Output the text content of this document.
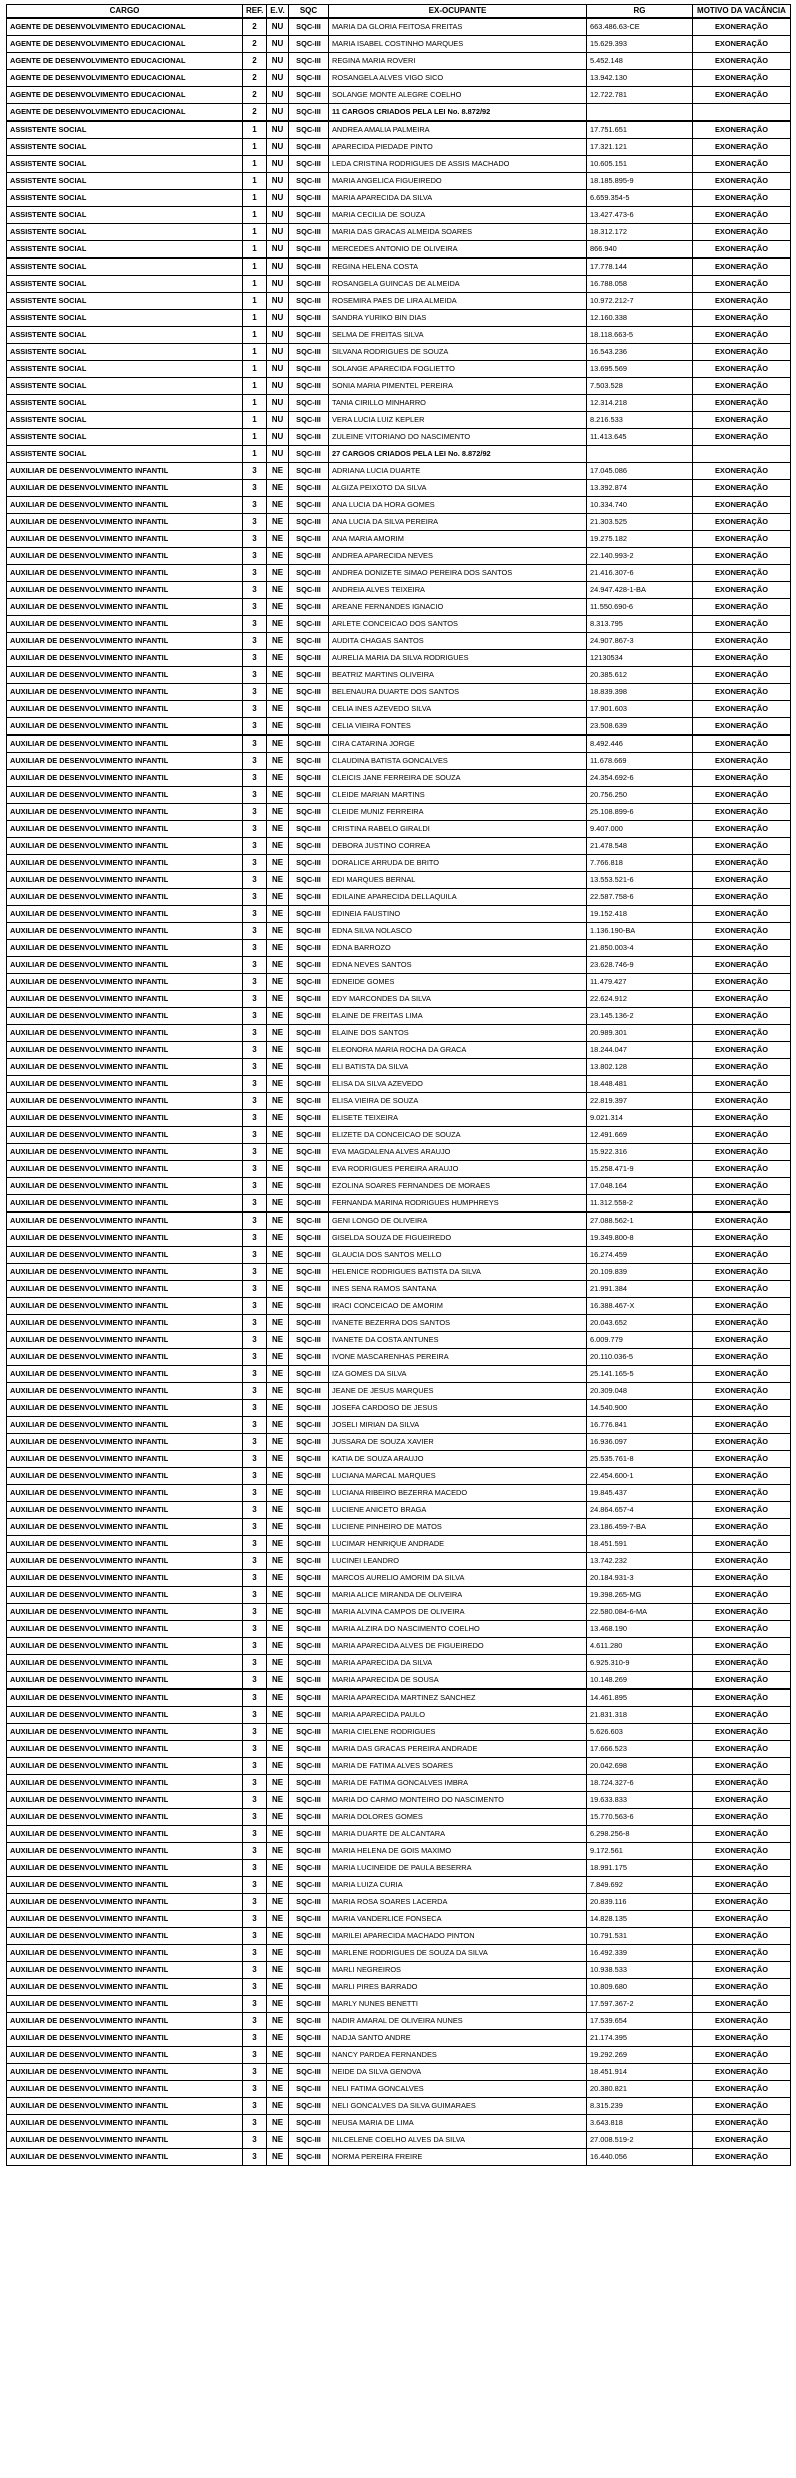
CARGO	REF.	E.V.	SQC	EX-OCUPANTE	RG	MOTIVO DA VACÂNCIA
AGENTE DE DESENVOLVIMENTO EDUCACIONAL	2	NU	SQC-III	MARIA DA GLORIA FEITOSA FREITAS	663.486.63-CE	EXONERAÇÃO
AGENTE DE DESENVOLVIMENTO EDUCACIONAL	2	NU	SQC-III	MARIA ISABEL COSTINHO MARQUES	15.629.393	EXONERAÇÃO
AGENTE DE DESENVOLVIMENTO EDUCACIONAL	2	NU	SQC-III	REGINA MARIA ROVERI	5.452.148	EXONERAÇÃO
AGENTE DE DESENVOLVIMENTO EDUCACIONAL	2	NU	SQC-III	ROSANGELA ALVES VIGO SICO	13.942.130	EXONERAÇÃO
AGENTE DE DESENVOLVIMENTO EDUCACIONAL	2	NU	SQC-III	SOLANGE MONTE ALEGRE COELHO	12.722.781	EXONERAÇÃO
AGENTE DE DESENVOLVIMENTO EDUCACIONAL	2	NU	SQC-III	11 CARGOS CRIADOS PELA LEI No. 8.872/92		
ASSISTENTE SOCIAL	1	NU	SQC-III	ANDREA AMALIA PALMEIRA	17.751.651	EXONERAÇÃO
ASSISTENTE SOCIAL	1	NU	SQC-III	APARECIDA PIEDADE PINTO	17.321.121	EXONERAÇÃO
ASSISTENTE SOCIAL	1	NU	SQC-III	LEDA CRISTINA RODRIGUES DE ASSIS MACHADO	10.605.151	EXONERAÇÃO
ASSISTENTE SOCIAL	1	NU	SQC-III	MARIA ANGELICA FIGUEIREDO	18.185.895-9	EXONERAÇÃO
ASSISTENTE SOCIAL	1	NU	SQC-III	MARIA APARECIDA DA SILVA	6.659.354-5	EXONERAÇÃO
ASSISTENTE SOCIAL	1	NU	SQC-III	MARIA CECILIA DE SOUZA	13.427.473-6	EXONERAÇÃO
ASSISTENTE SOCIAL	1	NU	SQC-III	MARIA DAS GRACAS ALMEIDA SOARES	18.312.172	EXONERAÇÃO
ASSISTENTE SOCIAL	1	NU	SQC-III	MERCEDES ANTONIO DE OLIVEIRA	866.940	EXONERAÇÃO
ASSISTENTE SOCIAL	1	NU	SQC-III	REGINA HELENA COSTA	17.778.144	EXONERAÇÃO
ASSISTENTE SOCIAL	1	NU	SQC-III	ROSANGELA GUINCAS DE ALMEIDA	16.788.058	EXONERAÇÃO
ASSISTENTE SOCIAL	1	NU	SQC-III	ROSEMIRA PAES DE LIRA ALMEIDA	10.972.212-7	EXONERAÇÃO
ASSISTENTE SOCIAL	1	NU	SQC-III	SANDRA YURIKO BIN DIAS	12.160.338	EXONERAÇÃO
ASSISTENTE SOCIAL	1	NU	SQC-III	SELMA DE FREITAS SILVA	18.118.663-5	EXONERAÇÃO
ASSISTENTE SOCIAL	1	NU	SQC-III	SILVANA RODRIGUES DE SOUZA	16.543.236	EXONERAÇÃO
ASSISTENTE SOCIAL	1	NU	SQC-III	SOLANGE APARECIDA FOGLIETTO	13.695.569	EXONERAÇÃO
ASSISTENTE SOCIAL	1	NU	SQC-III	SONIA MARIA PIMENTEL PEREIRA	7.503.528	EXONERAÇÃO
ASSISTENTE SOCIAL	1	NU	SQC-III	TANIA CIRILLO MINHARRO	12.314.218	EXONERAÇÃO
ASSISTENTE SOCIAL	1	NU	SQC-III	VERA LUCIA LUIZ KEPLER	8.216.533	EXONERAÇÃO
ASSISTENTE SOCIAL	1	NU	SQC-III	ZULEINE VITORIANO DO NASCIMENTO	11.413.645	EXONERAÇÃO
ASSISTENTE SOCIAL	1	NU	SQC-III	27 CARGOS CRIADOS PELA LEI No. 8.872/92		
AUXILIAR DE DESENVOLVIMENTO INFANTIL	3	NE	SQC-III	ADRIANA LUCIA DUARTE	17.045.086	EXONERAÇÃO
AUXILIAR DE DESENVOLVIMENTO INFANTIL	3	NE	SQC-III	ALGIZA PEIXOTO DA SILVA	13.392.874	EXONERAÇÃO
AUXILIAR DE DESENVOLVIMENTO INFANTIL	3	NE	SQC-III	ANA LUCIA DA HORA GOMES	10.334.740	EXONERAÇÃO
AUXILIAR DE DESENVOLVIMENTO INFANTIL	3	NE	SQC-III	ANA LUCIA DA SILVA PEREIRA	21.303.525	EXONERAÇÃO
AUXILIAR DE DESENVOLVIMENTO INFANTIL	3	NE	SQC-III	ANA MARIA AMORIM	19.275.182	EXONERAÇÃO
AUXILIAR DE DESENVOLVIMENTO INFANTIL	3	NE	SQC-III	ANDREA APARECIDA NEVES	22.140.993-2	EXONERAÇÃO
AUXILIAR DE DESENVOLVIMENTO INFANTIL	3	NE	SQC-III	ANDREA DONIZETE SIMAO PEREIRA DOS SANTOS	21.416.307-6	EXONERAÇÃO
AUXILIAR DE DESENVOLVIMENTO INFANTIL	3	NE	SQC-III	ANDREIA ALVES TEIXEIRA	24.947.428-1-BA	EXONERAÇÃO
AUXILIAR DE DESENVOLVIMENTO INFANTIL	3	NE	SQC-III	AREANE FERNANDES IGNACIO	11.550.690-6	EXONERAÇÃO
AUXILIAR DE DESENVOLVIMENTO INFANTIL	3	NE	SQC-III	ARLETE CONCEICAO DOS SANTOS	8.313.795	EXONERAÇÃO
AUXILIAR DE DESENVOLVIMENTO INFANTIL	3	NE	SQC-III	AUDITA CHAGAS SANTOS	24.907.867-3	EXONERAÇÃO
AUXILIAR DE DESENVOLVIMENTO INFANTIL	3	NE	SQC-III	AURELIA MARIA DA SILVA RODRIGUES	12130534	EXONERAÇÃO
AUXILIAR DE DESENVOLVIMENTO INFANTIL	3	NE	SQC-III	BEATRIZ MARTINS OLIVEIRA	20.385.612	EXONERAÇÃO
AUXILIAR DE DESENVOLVIMENTO INFANTIL	3	NE	SQC-III	BELENAURA DUARTE DOS SANTOS	18.839.398	EXONERAÇÃO
AUXILIAR DE DESENVOLVIMENTO INFANTIL	3	NE	SQC-III	CELIA INES AZEVEDO SILVA	17.901.603	EXONERAÇÃO
AUXILIAR DE DESENVOLVIMENTO INFANTIL	3	NE	SQC-III	CELIA VIEIRA FONTES	23.508.639	EXONERAÇÃO
AUXILIAR DE DESENVOLVIMENTO INFANTIL	3	NE	SQC-III	CIRA CATARINA JORGE	8.492.446	EXONERAÇÃO
AUXILIAR DE DESENVOLVIMENTO INFANTIL	3	NE	SQC-III	CLAUDINA BATISTA GONCALVES	11.678.669	EXONERAÇÃO
AUXILIAR DE DESENVOLVIMENTO INFANTIL	3	NE	SQC-III	CLEICIS JANE FERREIRA DE SOUZA	24.354.692-6	EXONERAÇÃO
AUXILIAR DE DESENVOLVIMENTO INFANTIL	3	NE	SQC-III	CLEIDE MARIAN MARTINS	20.756.250	EXONERAÇÃO
AUXILIAR DE DESENVOLVIMENTO INFANTIL	3	NE	SQC-III	CLEIDE MUNIZ FERREIRA	25.108.899-6	EXONERAÇÃO
AUXILIAR DE DESENVOLVIMENTO INFANTIL	3	NE	SQC-III	CRISTINA RABELO GIRALDI	9.407.000	EXONERAÇÃO
AUXILIAR DE DESENVOLVIMENTO INFANTIL	3	NE	SQC-III	DEBORA JUSTINO CORREA	21.478.548	EXONERAÇÃO
AUXILIAR DE DESENVOLVIMENTO INFANTIL	3	NE	SQC-III	DORALICE ARRUDA DE BRITO	7.766.818	EXONERAÇÃO
AUXILIAR DE DESENVOLVIMENTO INFANTIL	3	NE	SQC-III	EDI MARQUES BERNAL	13.553.521-6	EXONERAÇÃO
AUXILIAR DE DESENVOLVIMENTO INFANTIL	3	NE	SQC-III	EDILAINE APARECIDA DELLAQUILA	22.587.758-6	EXONERAÇÃO
AUXILIAR DE DESENVOLVIMENTO INFANTIL	3	NE	SQC-III	EDINEIA FAUSTINO	19.152.418	EXONERAÇÃO
AUXILIAR DE DESENVOLVIMENTO INFANTIL	3	NE	SQC-III	EDNA SILVA NOLASCO	1.136.190-BA	EXONERAÇÃO
AUXILIAR DE DESENVOLVIMENTO INFANTIL	3	NE	SQC-III	EDNA BARROZO	21.850.003-4	EXONERAÇÃO
AUXILIAR DE DESENVOLVIMENTO INFANTIL	3	NE	SQC-III	EDNA NEVES SANTOS	23.628.746-9	EXONERAÇÃO
AUXILIAR DE DESENVOLVIMENTO INFANTIL	3	NE	SQC-III	EDNEIDE GOMES	11.479.427	EXONERAÇÃO
AUXILIAR DE DESENVOLVIMENTO INFANTIL	3	NE	SQC-III	EDY MARCONDES DA SILVA	22.624.912	EXONERAÇÃO
AUXILIAR DE DESENVOLVIMENTO INFANTIL	3	NE	SQC-III	ELAINE DE FREITAS LIMA	23.145.136-2	EXONERAÇÃO
AUXILIAR DE DESENVOLVIMENTO INFANTIL	3	NE	SQC-III	ELAINE DOS SANTOS	20.989.301	EXONERAÇÃO
AUXILIAR DE DESENVOLVIMENTO INFANTIL	3	NE	SQC-III	ELEONORA MARIA ROCHA DA GRACA	18.244.047	EXONERAÇÃO
AUXILIAR DE DESENVOLVIMENTO INFANTIL	3	NE	SQC-III	ELI BATISTA DA SILVA	13.802.128	EXONERAÇÃO
AUXILIAR DE DESENVOLVIMENTO INFANTIL	3	NE	SQC-III	ELISA DA SILVA AZEVEDO	18.448.481	EXONERAÇÃO
AUXILIAR DE DESENVOLVIMENTO INFANTIL	3	NE	SQC-III	ELISA VIEIRA DE SOUZA	22.819.397	EXONERAÇÃO
AUXILIAR DE DESENVOLVIMENTO INFANTIL	3	NE	SQC-III	ELISETE TEIXEIRA	9.021.314	EXONERAÇÃO
AUXILIAR DE DESENVOLVIMENTO INFANTIL	3	NE	SQC-III	ELIZETE DA CONCEICAO DE SOUZA	12.491.669	EXONERAÇÃO
AUXILIAR DE DESENVOLVIMENTO INFANTIL	3	NE	SQC-III	EVA MAGDALENA ALVES ARAUJO	15.922.316	EXONERAÇÃO
AUXILIAR DE DESENVOLVIMENTO INFANTIL	3	NE	SQC-III	EVA RODRIGUES PEREIRA ARAUJO	15.258.471-9	EXONERAÇÃO
AUXILIAR DE DESENVOLVIMENTO INFANTIL	3	NE	SQC-III	EZOLINA SOARES FERNANDES DE MORAES	17.048.164	EXONERAÇÃO
AUXILIAR DE DESENVOLVIMENTO INFANTIL	3	NE	SQC-III	FERNANDA MARINA RODRIGUES HUMPHREYS	11.312.558-2	EXONERAÇÃO
AUXILIAR DE DESENVOLVIMENTO INFANTIL	3	NE	SQC-III	GENI LONGO DE OLIVEIRA	27.088.562-1	EXONERAÇÃO
AUXILIAR DE DESENVOLVIMENTO INFANTIL	3	NE	SQC-III	GISELDA SOUZA DE FIGUEIREDO	19.349.800-8	EXONERAÇÃO
AUXILIAR DE DESENVOLVIMENTO INFANTIL	3	NE	SQC-III	GLAUCIA DOS SANTOS MELLO	16.274.459	EXONERAÇÃO
AUXILIAR DE DESENVOLVIMENTO INFANTIL	3	NE	SQC-III	HELENICE RODRIGUES BATISTA DA SILVA	20.109.839	EXONERAÇÃO
AUXILIAR DE DESENVOLVIMENTO INFANTIL	3	NE	SQC-III	INES SENA RAMOS SANTANA	21.991.384	EXONERAÇÃO
AUXILIAR DE DESENVOLVIMENTO INFANTIL	3	NE	SQC-III	IRACI CONCEICAO DE AMORIM	16.388.467-X	EXONERAÇÃO
AUXILIAR DE DESENVOLVIMENTO INFANTIL	3	NE	SQC-III	IVANETE BEZERRA DOS SANTOS	20.043.652	EXONERAÇÃO
AUXILIAR DE DESENVOLVIMENTO INFANTIL	3	NE	SQC-III	IVANETE DA COSTA ANTUNES	6.009.779	EXONERAÇÃO
AUXILIAR DE DESENVOLVIMENTO INFANTIL	3	NE	SQC-III	IVONE MASCARENHAS PEREIRA	20.110.036-5	EXONERAÇÃO
AUXILIAR DE DESENVOLVIMENTO INFANTIL	3	NE	SQC-III	IZA GOMES DA SILVA	25.141.165-5	EXONERAÇÃO
AUXILIAR DE DESENVOLVIMENTO INFANTIL	3	NE	SQC-III	JEANE DE JESUS MARQUES	20.309.048	EXONERAÇÃO
AUXILIAR DE DESENVOLVIMENTO INFANTIL	3	NE	SQC-III	JOSEFA CARDOSO DE JESUS	14.540.900	EXONERAÇÃO
AUXILIAR DE DESENVOLVIMENTO INFANTIL	3	NE	SQC-III	JOSELI MIRIAN DA SILVA	16.776.841	EXONERAÇÃO
AUXILIAR DE DESENVOLVIMENTO INFANTIL	3	NE	SQC-III	JUSSARA DE SOUZA XAVIER	16.936.097	EXONERAÇÃO
AUXILIAR DE DESENVOLVIMENTO INFANTIL	3	NE	SQC-III	KATIA DE SOUZA ARAUJO	25.535.761-8	EXONERAÇÃO
AUXILIAR DE DESENVOLVIMENTO INFANTIL	3	NE	SQC-III	LUCIANA MARCAL MARQUES	22.454.600-1	EXONERAÇÃO
AUXILIAR DE DESENVOLVIMENTO INFANTIL	3	NE	SQC-III	LUCIANA RIBEIRO BEZERRA MACEDO	19.845.437	EXONERAÇÃO
AUXILIAR DE DESENVOLVIMENTO INFANTIL	3	NE	SQC-III	LUCIENE ANICETO BRAGA	24.864.657-4	EXONERAÇÃO
AUXILIAR DE DESENVOLVIMENTO INFANTIL	3	NE	SQC-III	LUCIENE PINHEIRO DE MATOS	23.186.459-7-BA	EXONERAÇÃO
AUXILIAR DE DESENVOLVIMENTO INFANTIL	3	NE	SQC-III	LUCIMAR HENRIQUE ANDRADE	18.451.591	EXONERAÇÃO
AUXILIAR DE DESENVOLVIMENTO INFANTIL	3	NE	SQC-III	LUCINEI LEANDRO	13.742.232	EXONERAÇÃO
AUXILIAR DE DESENVOLVIMENTO INFANTIL	3	NE	SQC-III	MARCOS AURELIO AMORIM DA SILVA	20.184.931-3	EXONERAÇÃO
AUXILIAR DE DESENVOLVIMENTO INFANTIL	3	NE	SQC-III	MARIA ALICE MIRANDA DE OLIVEIRA	19.398.265-MG	EXONERAÇÃO
AUXILIAR DE DESENVOLVIMENTO INFANTIL	3	NE	SQC-III	MARIA ALVINA CAMPOS DE OLIVEIRA	22.580.084-6-MA	EXONERAÇÃO
AUXILIAR DE DESENVOLVIMENTO INFANTIL	3	NE	SQC-III	MARIA ALZIRA DO NASCIMENTO COELHO	13.468.190	EXONERAÇÃO
AUXILIAR DE DESENVOLVIMENTO INFANTIL	3	NE	SQC-III	MARIA APARECIDA ALVES DE FIGUEIREDO	4.611.280	EXONERAÇÃO
AUXILIAR DE DESENVOLVIMENTO INFANTIL	3	NE	SQC-III	MARIA APARECIDA DA SILVA	6.925.310-9	EXONERAÇÃO
AUXILIAR DE DESENVOLVIMENTO INFANTIL	3	NE	SQC-III	MARIA APARECIDA DE SOUSA	10.148.269	EXONERAÇÃO
AUXILIAR DE DESENVOLVIMENTO INFANTIL	3	NE	SQC-III	MARIA APARECIDA MARTINEZ SANCHEZ	14.461.895	EXONERAÇÃO
AUXILIAR DE DESENVOLVIMENTO INFANTIL	3	NE	SQC-III	MARIA APARECIDA PAULO	21.831.318	EXONERAÇÃO
AUXILIAR DE DESENVOLVIMENTO INFANTIL	3	NE	SQC-III	MARIA CIELENE RODRIGUES	5.626.603	EXONERAÇÃO
AUXILIAR DE DESENVOLVIMENTO INFANTIL	3	NE	SQC-III	MARIA DAS GRACAS PEREIRA ANDRADE	17.666.523	EXONERAÇÃO
AUXILIAR DE DESENVOLVIMENTO INFANTIL	3	NE	SQC-III	MARIA DE FATIMA ALVES SOARES	20.042.698	EXONERAÇÃO
AUXILIAR DE DESENVOLVIMENTO INFANTIL	3	NE	SQC-III	MARIA DE FATIMA GONCALVES IMBRA	18.724.327-6	EXONERAÇÃO
AUXILIAR DE DESENVOLVIMENTO INFANTIL	3	NE	SQC-III	MARIA DO CARMO MONTEIRO DO NASCIMENTO	19.633.833	EXONERAÇÃO
AUXILIAR DE DESENVOLVIMENTO INFANTIL	3	NE	SQC-III	MARIA DOLORES GOMES	15.770.563-6	EXONERAÇÃO
AUXILIAR DE DESENVOLVIMENTO INFANTIL	3	NE	SQC-III	MARIA DUARTE DE ALCANTARA	6.298.256-8	EXONERAÇÃO
AUXILIAR DE DESENVOLVIMENTO INFANTIL	3	NE	SQC-III	MARIA HELENA DE GOIS MAXIMO	9.172.561	EXONERAÇÃO
AUXILIAR DE DESENVOLVIMENTO INFANTIL	3	NE	SQC-III	MARIA LUCINEIDE DE PAULA BESERRA	18.991.175	EXONERAÇÃO
AUXILIAR DE DESENVOLVIMENTO INFANTIL	3	NE	SQC-III	MARIA LUIZA CURIA	7.849.692	EXONERAÇÃO
AUXILIAR DE DESENVOLVIMENTO INFANTIL	3	NE	SQC-III	MARIA ROSA SOARES LACERDA	20.839.116	EXONERAÇÃO
AUXILIAR DE DESENVOLVIMENTO INFANTIL	3	NE	SQC-III	MARIA VANDERLICE FONSECA	14.828.135	EXONERAÇÃO
AUXILIAR DE DESENVOLVIMENTO INFANTIL	3	NE	SQC-III	MARILEI APARECIDA MACHADO PINTON	10.791.531	EXONERAÇÃO
AUXILIAR DE DESENVOLVIMENTO INFANTIL	3	NE	SQC-III	MARLENE RODRIGUES DE SOUZA DA SILVA	16.492.339	EXONERAÇÃO
AUXILIAR DE DESENVOLVIMENTO INFANTIL	3	NE	SQC-III	MARLI NEGREIROS	10.938.533	EXONERAÇÃO
AUXILIAR DE DESENVOLVIMENTO INFANTIL	3	NE	SQC-III	MARLI PIRES BARRADO	10.809.680	EXONERAÇÃO
AUXILIAR DE DESENVOLVIMENTO INFANTIL	3	NE	SQC-III	MARLY NUNES BENETTI	17.597.367-2	EXONERAÇÃO
AUXILIAR DE DESENVOLVIMENTO INFANTIL	3	NE	SQC-III	NADIR AMARAL DE OLIVEIRA NUNES	17.539.654	EXONERAÇÃO
AUXILIAR DE DESENVOLVIMENTO INFANTIL	3	NE	SQC-III	NADJA SANTO ANDRE	21.174.395	EXONERAÇÃO
AUXILIAR DE DESENVOLVIMENTO INFANTIL	3	NE	SQC-III	NANCY PARDEA FERNANDES	19.292.269	EXONERAÇÃO
AUXILIAR DE DESENVOLVIMENTO INFANTIL	3	NE	SQC-III	NEIDE DA SILVA GENOVA	18.451.914	EXONERAÇÃO
AUXILIAR DE DESENVOLVIMENTO INFANTIL	3	NE	SQC-III	NELI FATIMA GONCALVES	20.380.821	EXONERAÇÃO
AUXILIAR DE DESENVOLVIMENTO INFANTIL	3	NE	SQC-III	NELI GONCALVES DA SILVA GUIMARAES	8.315.239	EXONERAÇÃO
AUXILIAR DE DESENVOLVIMENTO INFANTIL	3	NE	SQC-III	NEUSA MARIA DE LIMA	3.643.818	EXONERAÇÃO
AUXILIAR DE DESENVOLVIMENTO INFANTIL	3	NE	SQC-III	NILCELENE COELHO ALVES DA SILVA	27.008.519-2	EXONERAÇÃO
AUXILIAR DE DESENVOLVIMENTO INFANTIL	3	NE	SQC-III	NORMA PEREIRA FREIRE	16.440.056	EXONERAÇÃO
